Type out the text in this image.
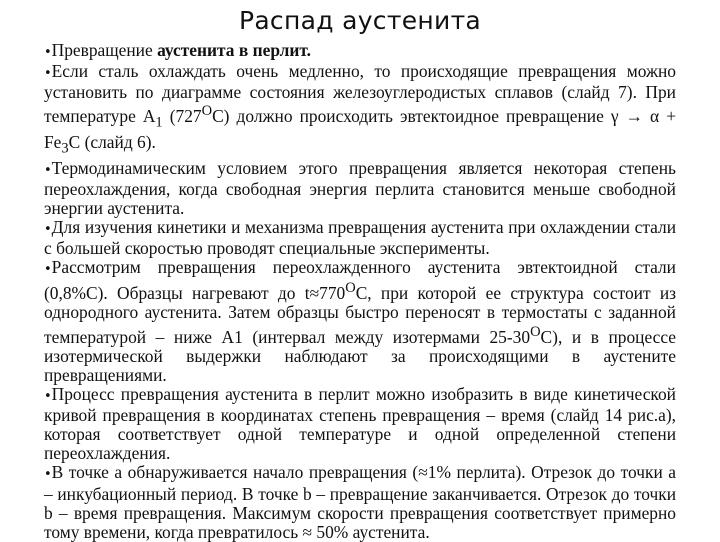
Распад аустенита

•Превращение аустенита в перлит.

•Если сталь охлаждать очень медленно, то происходящие превращения можно установить по диаграмме состояния железоуглеродистых сплавов (слайд 7). При температуре $А_1$ $(727^ОС)$ должно происходить эвтектоидное превращение $\gamma \to \alpha + Fe_3С$ (слайд 6).

•Термодинамическим условием этого превращения является некоторая степень переохлаждения, когда свободная энергия перлита становится меньше свободной энергии аустенита.

•Для изучения кинетики и механизма превращения аустенита при охлаждении стали с большей скоростью проводят специальные эксперименты.

•Рассмотрим превращения переохлажденного аустенита эвтектоидной стали (0,8%С). Образцы нагревают до $t\approx 770^ОС$, при которой ее структура состоит из однородного аустенита. Затем образцы быстро переносят в термостаты с заданной температурой – ниже А1 (интервал между изотермами $25-30^ОС$), и в процессе изотермической выдержки наблюдают за происходящими в аустените превращениями.

•Процесс превращения аустенита в перлит можно изобразить в виде кинетической кривой превращения в координатах степень превращения – время (слайд 14 рис.а), которая соответствует одной температуре и одной определенной степени переохлаждения.

•В точке а обнаруживается начало превращения (≈1% перлита). Отрезок до точки а – инкубационный период. В точке b – превращение заканчивается. Отрезок до точки b – время превращения. Максимум скорости превращения соответствует примерно тому времени, когда превратилось ≈ 50% аустенита.
